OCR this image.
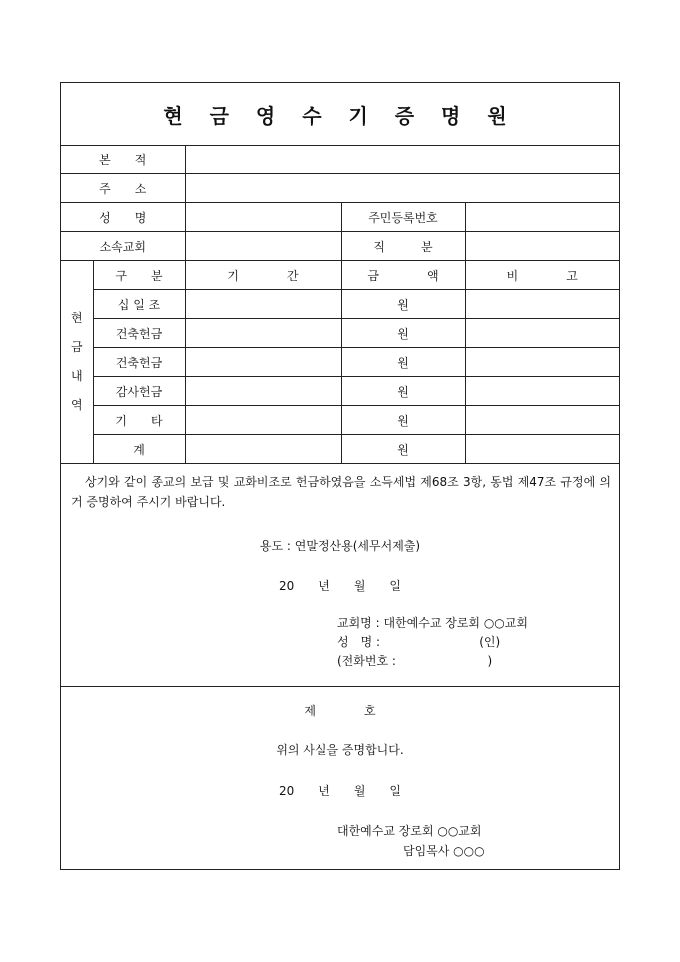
현 금 영 수 기 증 명 원
본　　적				
주　　소				
성　　명			주민등록번호	
소속교회			직　　　분	
현
금
내
역	구　　분	기　　　　간	금　　　　액	비　　　　고
	십 일 조		원	
	건축헌금		원	
	건축헌금		원	
	감사헌금		원	
	기　　타		원	
	계		원	
상기와 같이 종교의 보급 및 교화비조로 헌금하였음을 소득세법 제68조 3항, 동법 제47조 규정에 의거 증명하여 주시기 바랍니다.
용도 : 연말정산용(세무서제출)
20　　년　　월　　일
교회명 : 대한예수교 장로회 ○○교회
성　명 :                          (인)
(전화번호 :                        )
제　　　　호
위의 사실을 증명합니다.
20　　년　　월　　일
대한예수교 장로회 ○○교회
담임목사 ○○○
